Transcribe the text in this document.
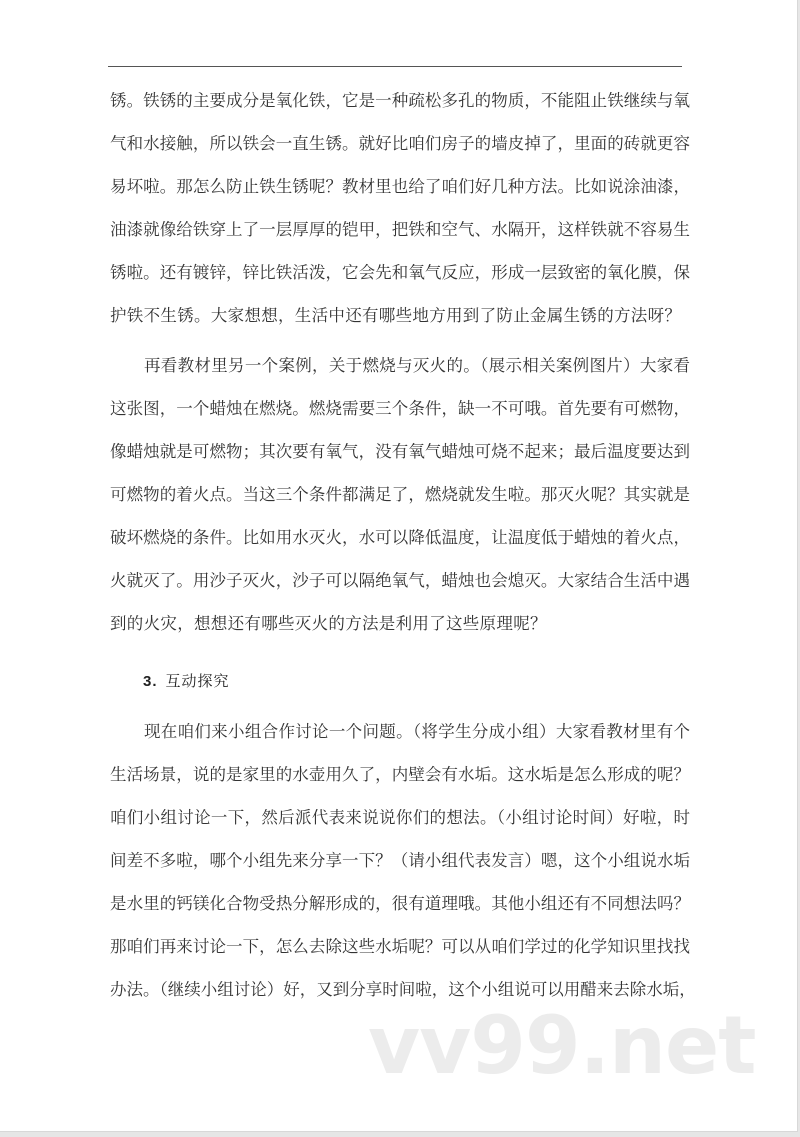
锈。铁锈的主要成分是氧化铁，它是一种疏松多孔的物质，不能阻止铁继续与氧
气和水接触，所以铁会一直生锈。就好比咱们房子的墙皮掉了，里面的砖就更容
易坏啦。那怎么防止铁生锈呢？教材里也给了咱们好几种方法。比如说涂油漆，
油漆就像给铁穿上了一层厚厚的铠甲，把铁和空气、水隔开，这样铁就不容易生
锈啦。还有镀锌，锌比铁活泼，它会先和氧气反应，形成一层致密的氧化膜，保
护铁不生锈。大家想想，生活中还有哪些地方用到了防止金属生锈的方法呀？
再看教材里另一个案例，关于燃烧与灭火的。（展示相关案例图片）大家看
这张图，一个蜡烛在燃烧。燃烧需要三个条件，缺一不可哦。首先要有可燃物，
像蜡烛就是可燃物；其次要有氧气，没有氧气蜡烛可烧不起来；最后温度要达到
可燃物的着火点。当这三个条件都满足了，燃烧就发生啦。那灭火呢？其实就是
破坏燃烧的条件。比如用水灭火，水可以降低温度，让温度低于蜡烛的着火点，
火就灭了。用沙子灭火，沙子可以隔绝氧气，蜡烛也会熄灭。大家结合生活中遇
到的火灾，想想还有哪些灭火的方法是利用了这些原理呢？
3. 互动探究
现在咱们来小组合作讨论一个问题。（将学生分成小组）大家看教材里有个
生活场景，说的是家里的水壶用久了，内壁会有水垢。这水垢是怎么形成的呢？
咱们小组讨论一下，然后派代表来说说你们的想法。（小组讨论时间）好啦，时
间差不多啦，哪个小组先来分享一下？（请小组代表发言）嗯，这个小组说水垢
是水里的钙镁化合物受热分解形成的，很有道理哦。其他小组还有不同想法吗？
那咱们再来讨论一下，怎么去除这些水垢呢？可以从咱们学过的化学知识里找找
办法。（继续小组讨论）好，又到分享时间啦，这个小组说可以用醋来去除水垢，
vv99.net
